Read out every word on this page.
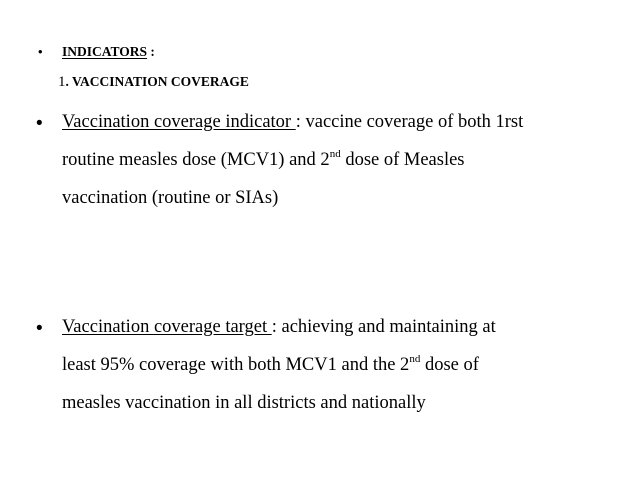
• INDICATORS :
1. VACCINATION COVERAGE
• Vaccination coverage indicator : vaccine coverage of both 1rst
routine measles dose (MCV1) and 2nd dose of Measles
vaccination (routine or SIAs)
• Vaccination coverage target : achieving and maintaining at
least 95% coverage with both MCV1 and the 2nd dose of
measles vaccination in all districts and nationally
